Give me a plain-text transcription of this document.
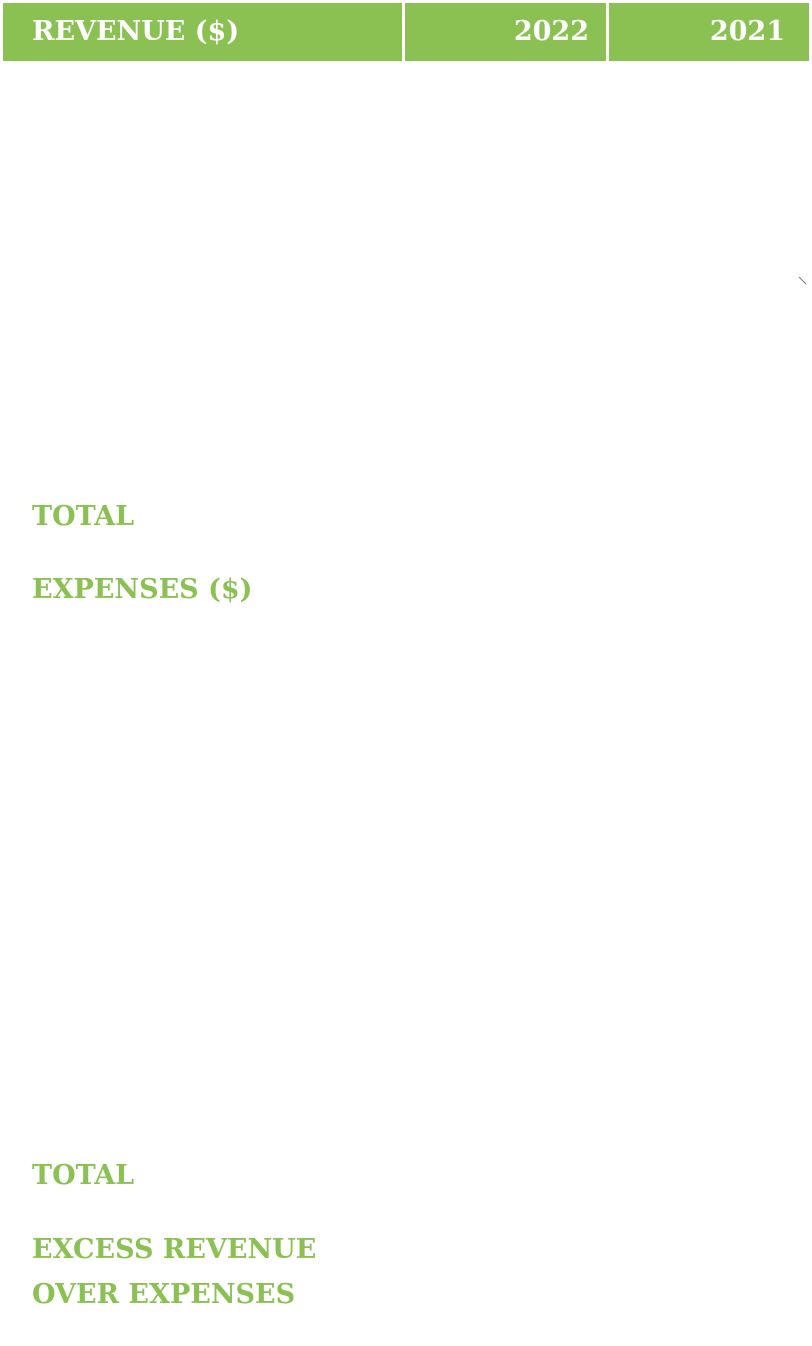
REVENUE ($)	2022	2021
TOTAL
EXPENSES ($)
TOTAL
EXCESS REVENUE
OVER EXPENSES
